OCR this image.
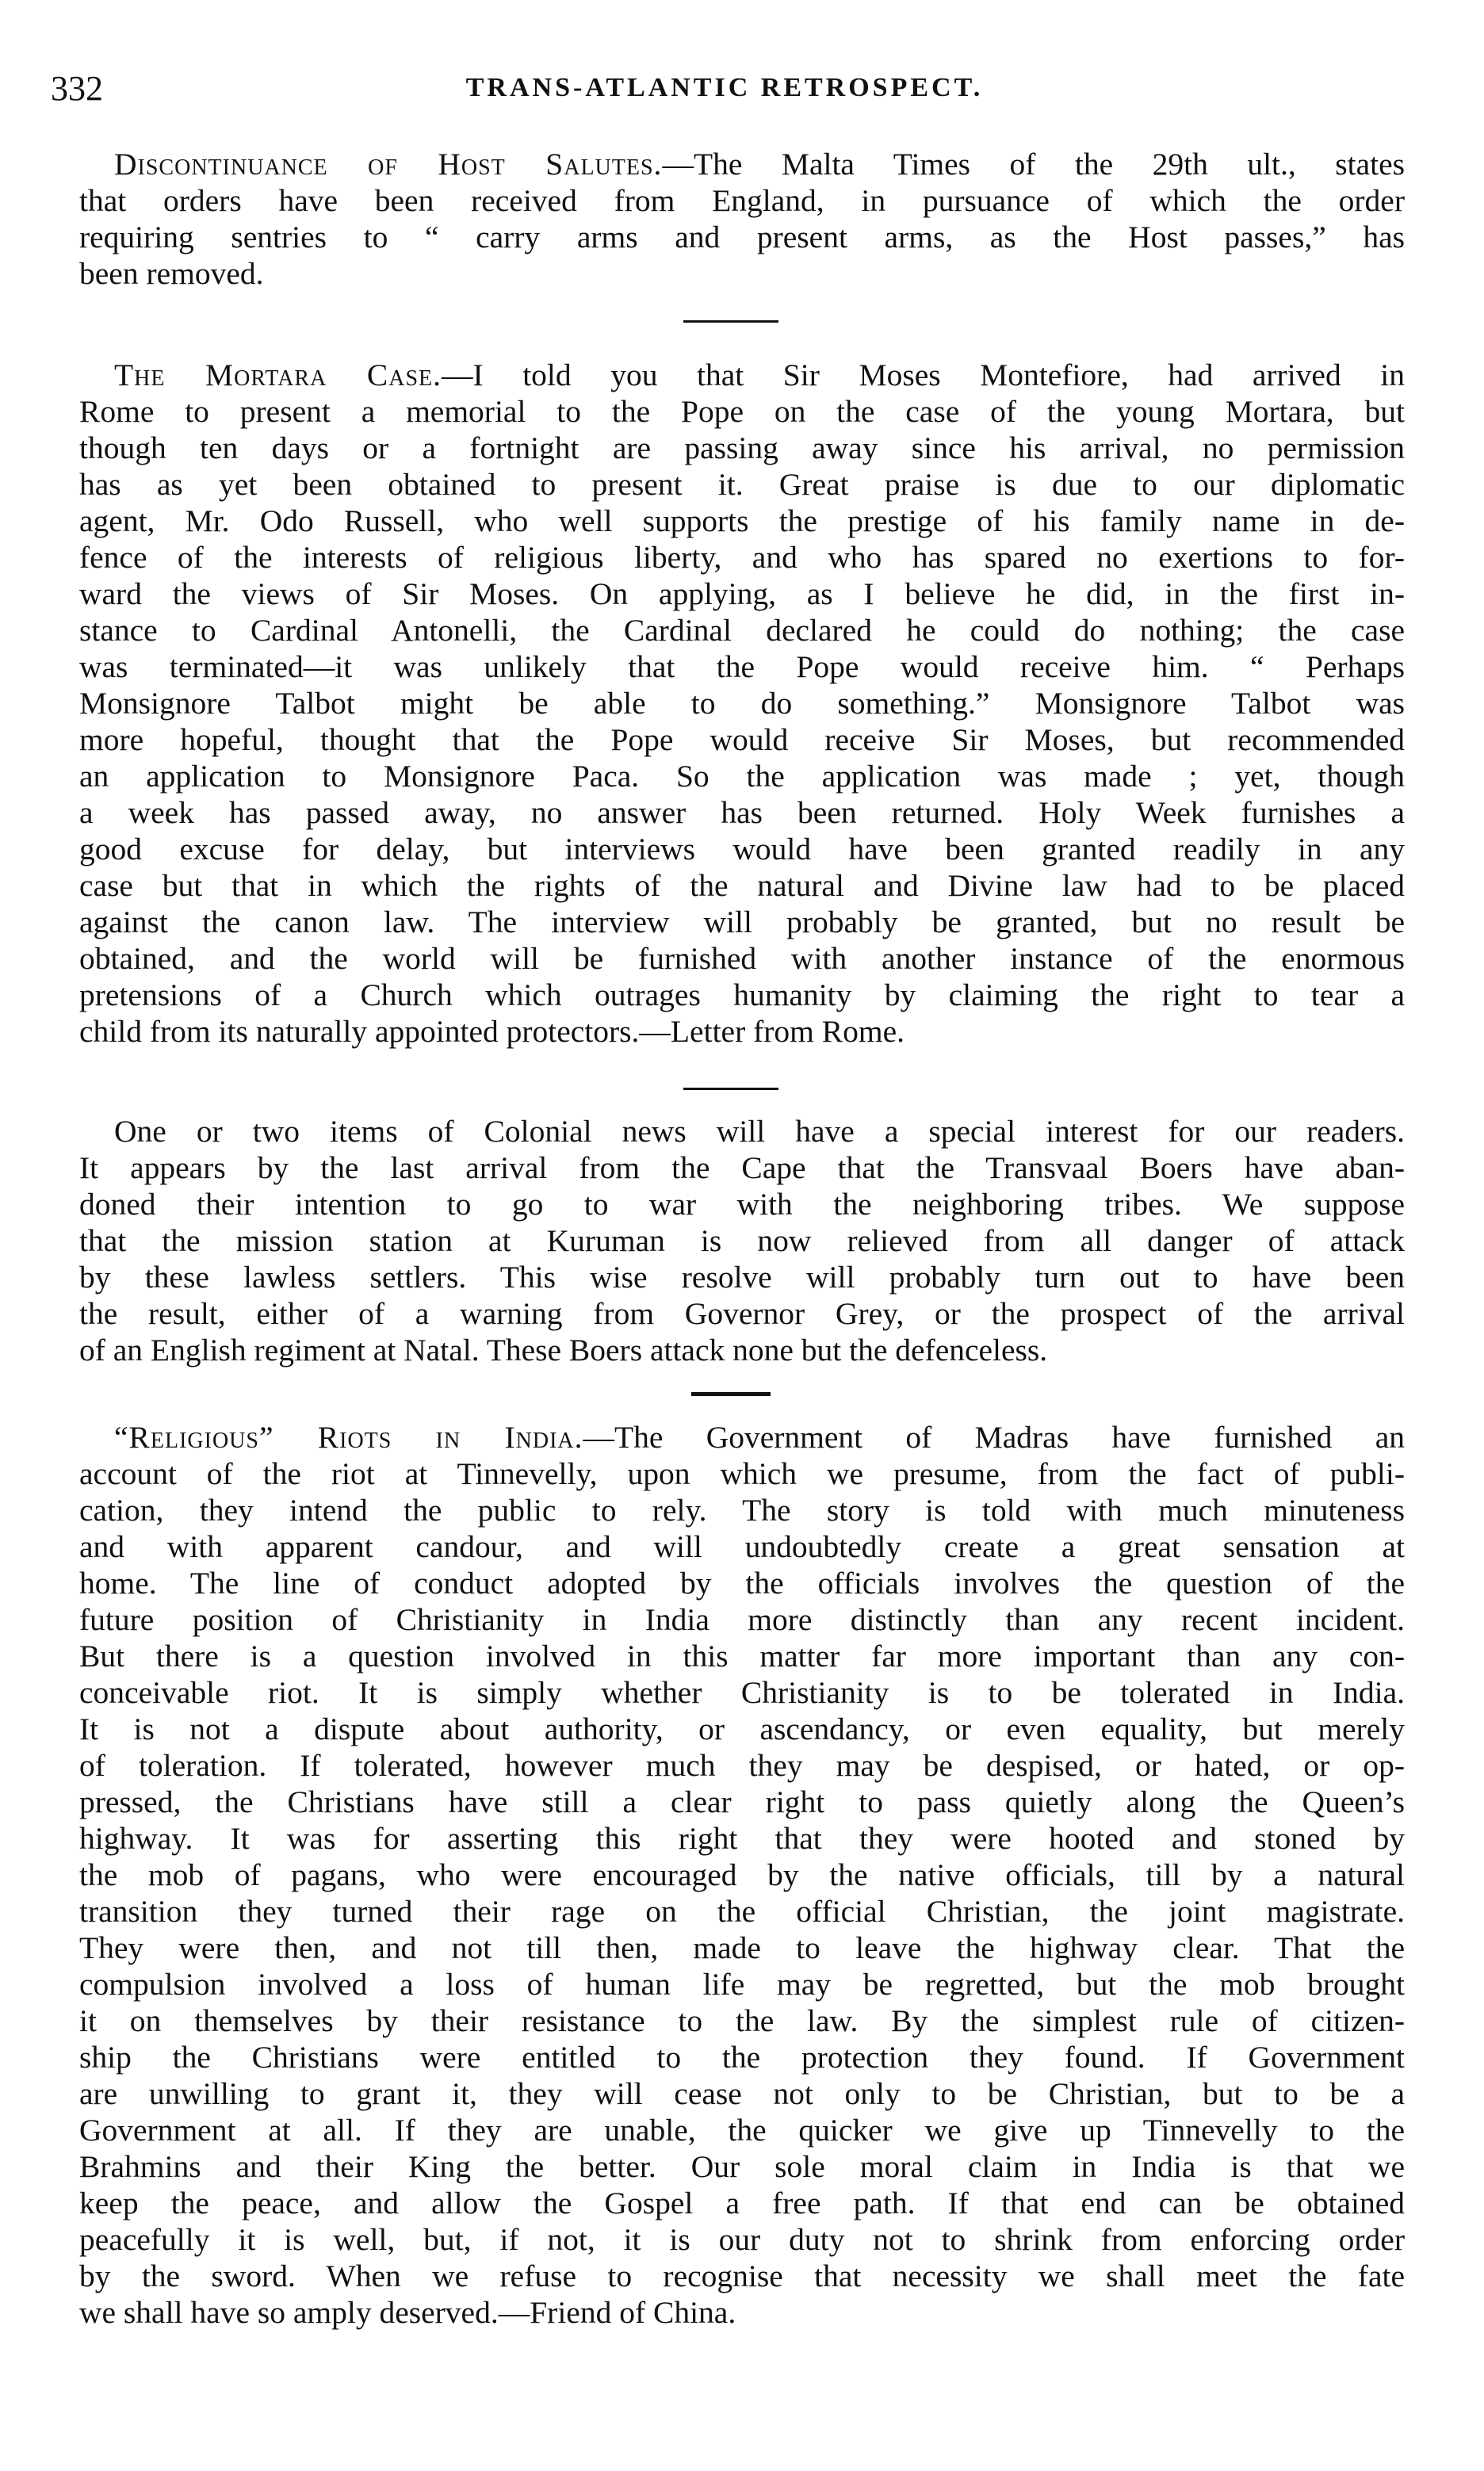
332	TRANS-ATLANTIC RETROSPECT.
Discontinuance of Host Salutes.—The Malta Times of the 29th ult., states
that orders have been received from England, in pursuance of which the order
requiring sentries to “ carry arms and present arms, as the Host passes,” has
been removed.
The Mortara Case.—I told you that Sir Moses Montefiore, had arrived in
Rome to present a memorial to the Pope on the case of the young Mortara, but
though ten days or a fortnight are passing away since his arrival, no permission
has as yet been obtained to present it. Great praise is due to our diplomatic
agent, Mr. Odo Russell, who well supports the prestige of his family name in de-
fence of the interests of religious liberty, and who has spared no exertions to for-
ward the views of Sir Moses. On applying, as I believe he did, in the first in-
stance to Cardinal Antonelli, the Cardinal declared he could do nothing; the case
was terminated—it was unlikely that the Pope would receive him. “ Perhaps
Monsignore Talbot might be able to do something.” Monsignore Talbot was
more hopeful, thought that the Pope would receive Sir Moses, but recommended
an application to Monsignore Paca. So the application was made ; yet, though
a week has passed away, no answer has been returned. Holy Week furnishes a
good excuse for delay, but interviews would have been granted readily in any
case but that in which the rights of the natural and Divine law had to be placed
against the canon law. The interview will probably be granted, but no result be
obtained, and the world will be furnished with another instance of the enormous
pretensions of a Church which outrages humanity by claiming the right to tear a
child from its naturally appointed protectors.—Letter from Rome.
One or two items of Colonial news will have a special interest for our readers.
It appears by the last arrival from the Cape that the Transvaal Boers have aban-
doned their intention to go to war with the neighboring tribes. We suppose
that the mission station at Kuruman is now relieved from all danger of attack
by these lawless settlers. This wise resolve will probably turn out to have been
the result, either of a warning from Governor Grey, or the prospect of the arrival
of an English regiment at Natal. These Boers attack none but the defenceless.
“Religious” Riots in India.—The Government of Madras have furnished an
account of the riot at Tinnevelly, upon which we presume, from the fact of publi-
cation, they intend the public to rely. The story is told with much minuteness
and with apparent candour, and will undoubtedly create a great sensation at
home. The line of conduct adopted by the officials involves the question of the
future position of Christianity in India more distinctly than any recent incident.
But there is a question involved in this matter far more important than any con-
conceivable riot. It is simply whether Christianity is to be tolerated in India.
It is not a dispute about authority, or ascendancy, or even equality, but merely
of toleration. If tolerated, however much they may be despised, or hated, or op-
pressed, the Christians have still a clear right to pass quietly along the Queen’s
highway. It was for asserting this right that they were hooted and stoned by
the mob of pagans, who were encouraged by the native officials, till by a natural
transition they turned their rage on the official Christian, the joint magistrate.
They were then, and not till then, made to leave the highway clear. That the
compulsion involved a loss of human life may be regretted, but the mob brought
it on themselves by their resistance to the law. By the simplest rule of citizen-
ship the Christians were entitled to the protection they found. If Government
are unwilling to grant it, they will cease not only to be Christian, but to be a
Government at all. If they are unable, the quicker we give up Tinnevelly to the
Brahmins and their King the better. Our sole moral claim in India is that we
keep the peace, and allow the Gospel a free path. If that end can be obtained
peacefully it is well, but, if not, it is our duty not to shrink from enforcing order
by the sword. When we refuse to recognise that necessity we shall meet the fate
we shall have so amply deserved.—Friend of China.
